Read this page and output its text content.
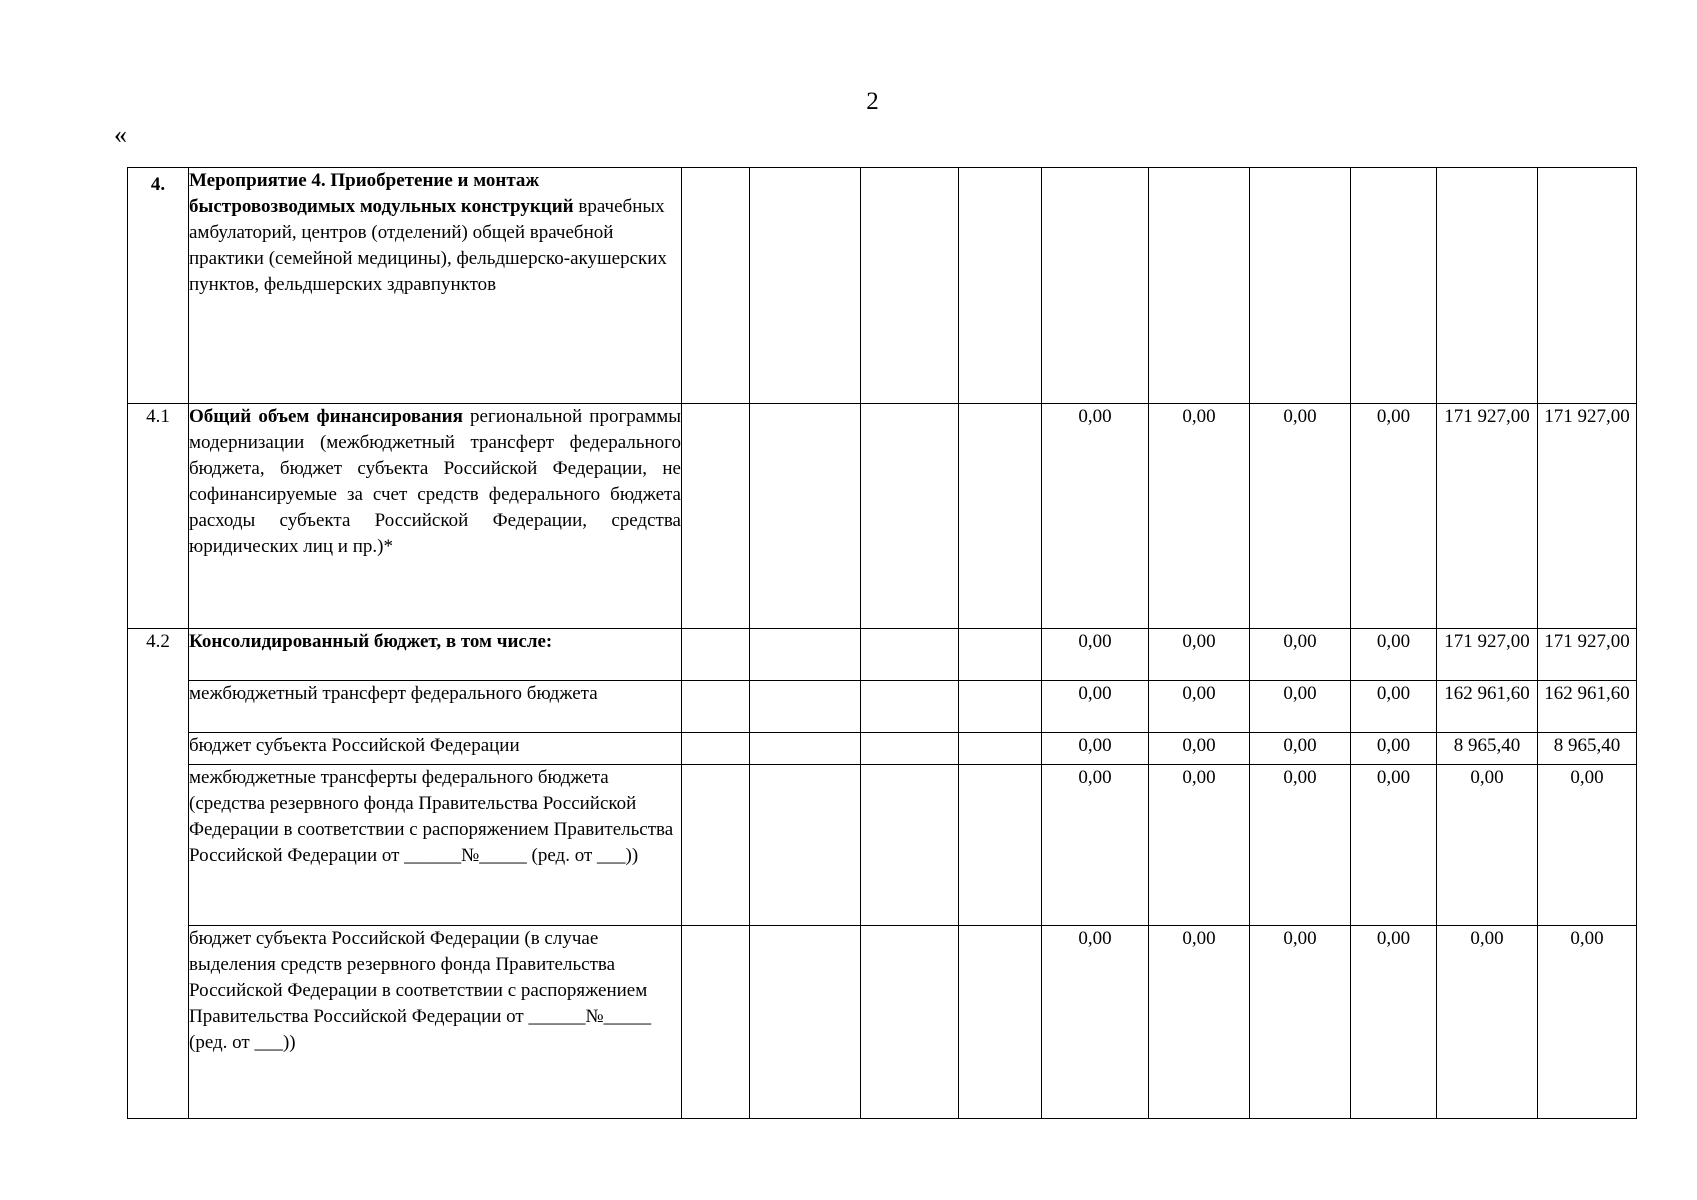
2
«
4.	Мероприятие 4. Приобретение и монтаж быстровозводимых модульных конструкций врачебных амбулаторий, центров (отделений) общей врачебной практики (семейной медицины), фельдшерско-акушерских пунктов, фельдшерских здравпунктов										
4.1	Общий объем финансирования региональной программы модернизации (межбюджетный трансферт федерального бюджета, бюджет субъекта Российской Федерации, не софинансируемые за счет средств федерального бюджета расходы субъекта Российской Федерации, средства юридических лиц и пр.)*					0,00	0,00	0,00	0,00	171 927,00	171 927,00
4.2	Консолидированный бюджет, в том числе:					0,00	0,00	0,00	0,00	171 927,00	171 927,00
	межбюджетный трансферт федерального бюджета					0,00	0,00	0,00	0,00	162 961,60	162 961,60
	бюджет субъекта Российской Федерации					0,00	0,00	0,00	0,00	8 965,40	8 965,40
	межбюджетные трансферты федерального бюджета (средства резервного фонда Правительства Российской Федерации в соответствии с распоряжением Правительства Российской Федерации от ______№_____ (ред. от ___))					0,00	0,00	0,00	0,00	0,00	0,00
	бюджет субъекта Российской Федерации (в случае выделения средств резервного фонда Правительства Российской Федерации в соответствии с распоряжением Правительства Российской Федерации от ______№_____ (ред. от ___))					0,00	0,00	0,00	0,00	0,00	0,00
